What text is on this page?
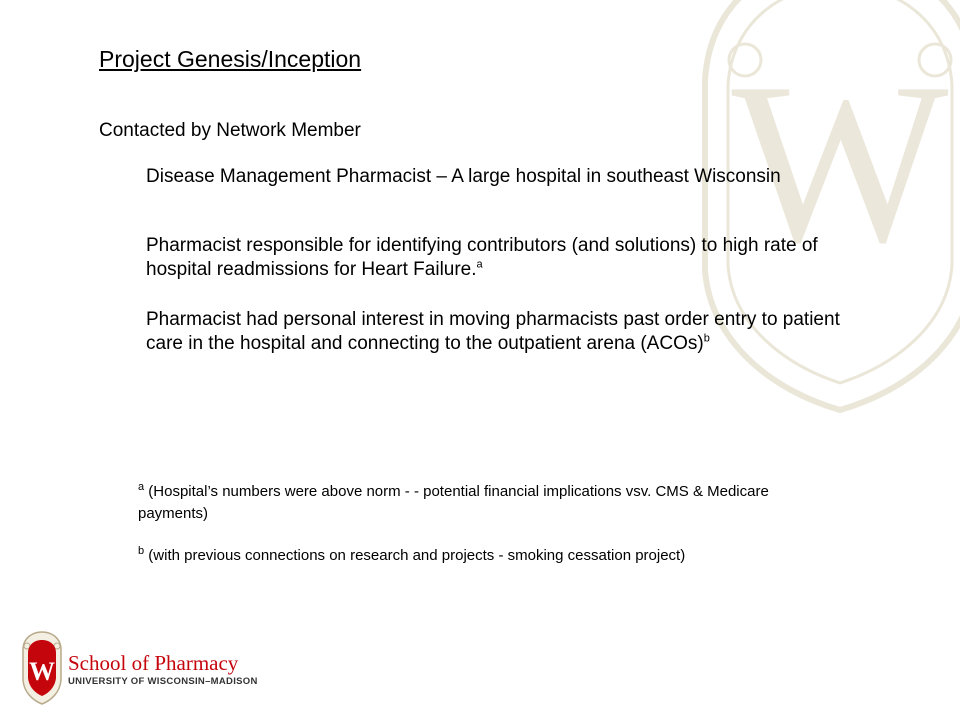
W
Project Genesis/Inception
Contacted by Network Member
Disease Management Pharmacist – A large hospital in southeast Wisconsin
Pharmacist responsible for identifying contributors (and solutions) to high rate of hospital readmissions for Heart Failure.$^a$
Pharmacist had personal interest in moving pharmacists past order entry to patient care in the hospital and connecting to the outpatient arena (ACOs)$^b$
$^a$ (Hospital’s numbers were above norm - - potential financial implications vsv. CMS & Medicare payments)
$^b$ (with previous connections on research and projects - smoking cessation project)
W School of Pharmacy
UNIVERSITY OF WISCONSIN–MADISON
